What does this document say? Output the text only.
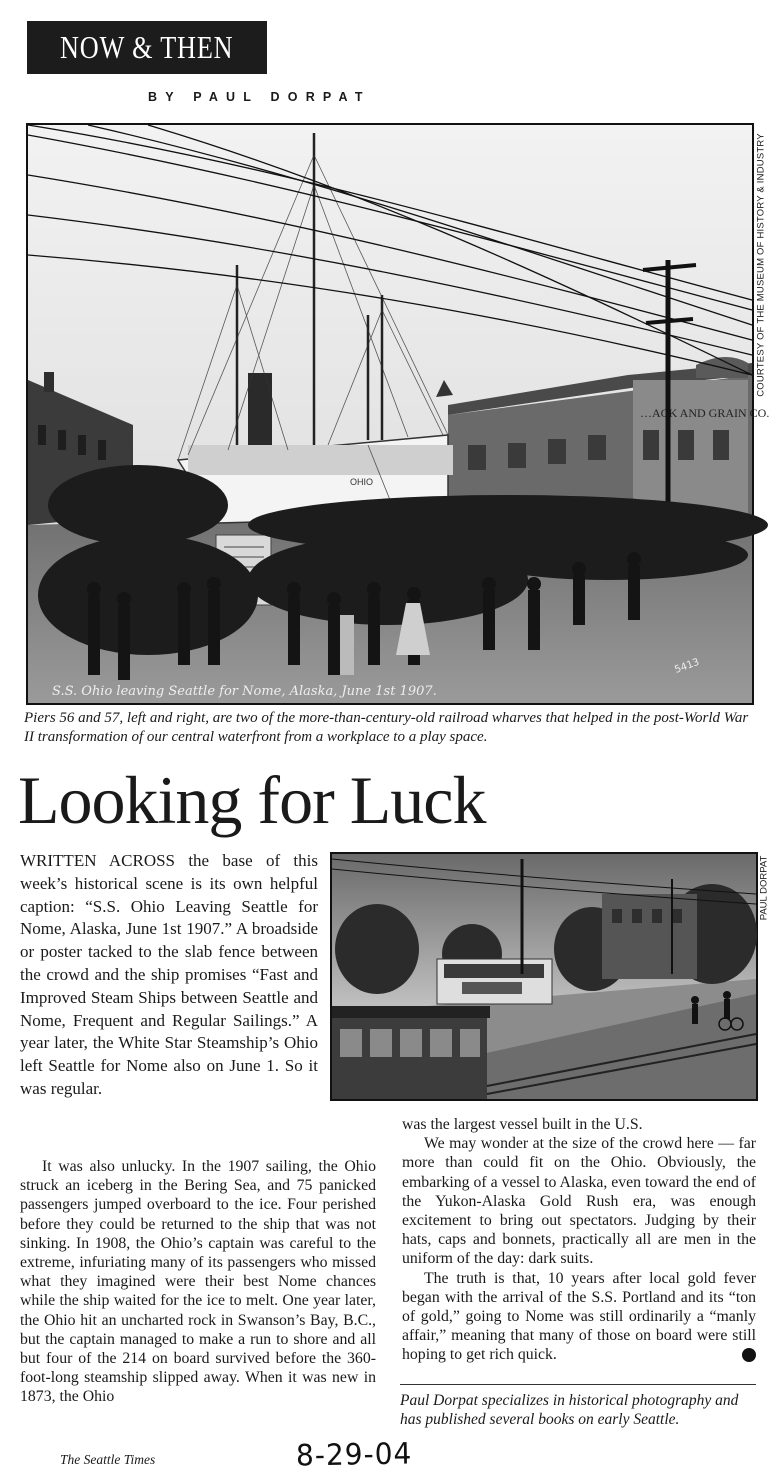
NOW & THEN
BY PAUL DORPAT
…ACK AND GRAIN CO.
OHIO
S.S. Ohio leaving Seattle for Nome, Alaska, June 1st 1907.
5413
COURTESY OF THE MUSEUM OF HISTORY & INDUSTRY
Piers 56 and 57, left and right, are two of the more-than-century-old railroad wharves that helped in the post-World War II transformation of our central waterfront from a workplace to a play space.
Looking for Luck

WRITTEN ACROSS the base of this week’s historical scene is its own helpful caption: “S.S. Ohio Leaving Seattle for Nome, Alaska, June 1st 1907.” A broadside or poster tacked to the slab fence between the crowd and the ship promises “Fast and Improved Steam Ships between Seattle and Nome, Frequent and Regular Sailings.” A year later, the White Star Steamship’s Ohio left Seattle for Nome also on June 1. So it was regular.

It was also unlucky. In the 1907 sailing, the Ohio struck an iceberg in the Bering Sea, and 75 panicked passengers jumped overboard to the ice. Four perished before they could be returned to the ship that was not sinking. In 1908, the Ohio’s captain was careful to the extreme, infuriating many of its passengers who missed what they imagined were their best Nome chances while the ship waited for the ice to melt. One year later, the Ohio hit an uncharted rock in Swanson’s Bay, B.C., but the captain managed to make a run to shore and all but four of the 214 on board survived before the 360-foot-long steamship slipped away. When it was new in 1873, the Ohio

PAUL DORPAT

was the largest vessel built in the U.S.

We may wonder at the size of the crowd here — far more than could fit on the Ohio. Obviously, the embarking of a vessel to Alaska, even toward the end of the Yukon-Alaska Gold Rush era, was enough excitement to bring out spectators. Judging by their hats, caps and bonnets, practically all are men in the uniform of the day: dark suits.

The truth is that, 10 years after local gold fever began with the arrival of the S.S. Portland and its “ton of gold,” going to Nome was still ordinarily a “manly affair,” meaning that many of those on board were still hoping to get rich quick.	P

Paul Dorpat specializes in historical photography and has published several books on early Seattle.
The Seattle Times	8-29-04
